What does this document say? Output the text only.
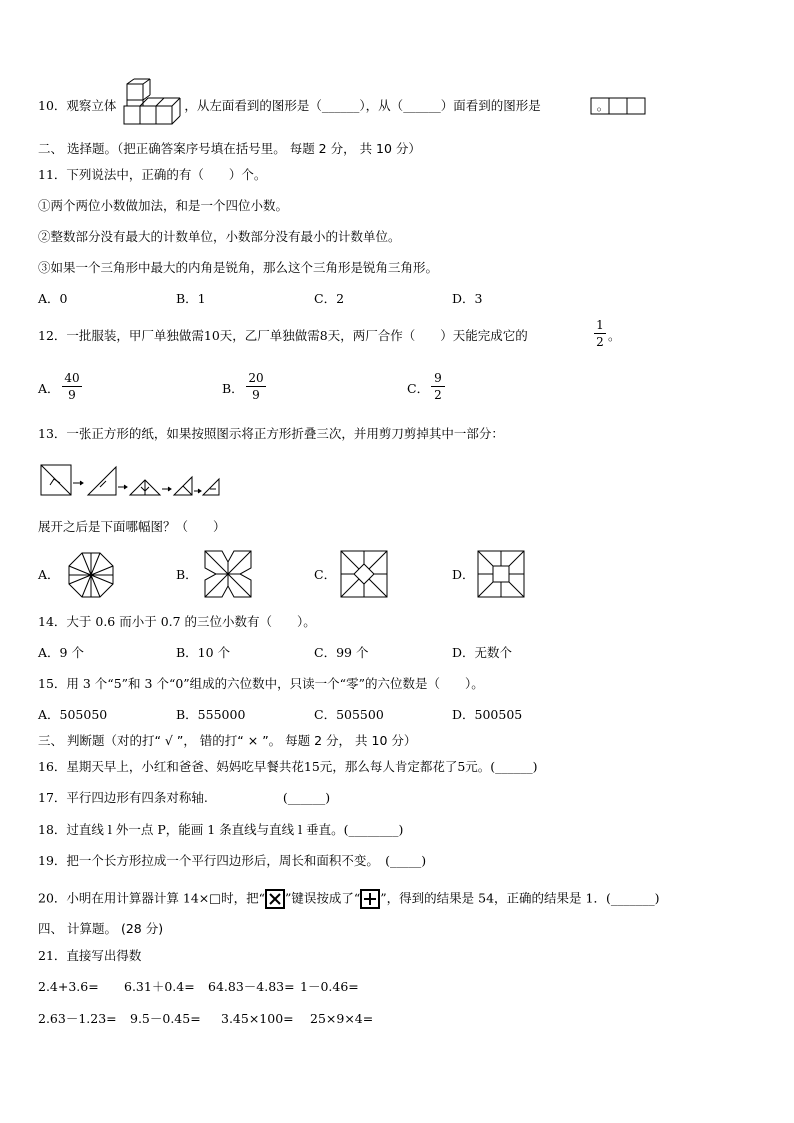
10．观察立体	，从左面看到的图形是（______），从（______）面看到的图形是	。
二、 选择题。（把正确答案序号填在括号里。 每题 2 分， 共 10 分）
11．下列说法中，正确的有（　　）个。
①两个两位小数做加法，和是一个四位小数。
②整数部分没有最大的计数单位，小数部分没有最小的计数单位。
③如果一个三角形中最大的内角是锐角，那么这个三角形是锐角三角形。
A．0	B．1	C．2	D．3
12．一批服装，甲厂单独做需10天，乙厂单独做需8天，两厂合作（　　）天能完成它的
1
2 。
A．
40
9	B．
20
9	C．
9
2
13．一张正方形的纸，如果按照图示将正方形折叠三次，并用剪刀剪掉其中一部分：
展开之后是下面哪幅图？（　　）
A．	B．	C．	D．
14．大于 0.6 而小于 0.7 的三位小数有（　　）。
A．9 个	B．10 个	C．99 个	D．无数个
15．用 3 个“5”和 3 个“0”组成的六位数中，只读一个“零”的六位数是（　　）。
A．505050	B．555000	C．505500	D．500505
三、 判断题（对的打“ √ ”， 错的打“ × ”。 每题 2 分， 共 10 分）
16．星期天早上，小红和爸爸、妈妈吃早餐共花15元，那么每人肯定都花了5元。(______)
17．平行四边形有四条对称轴.　　　　　　(______)
18．过直线 l 外一点 P，能画 1 条直线与直线 l 垂直。(________)
19．把一个长方形拉成一个平行四边形后，周长和面积不变。　(_____)
20．小明在用计算器计算 14×□时，把“ ”键误按成了“ ”，得到的结果是 54，正确的结果是 1．(_______)
四、 计算题。 (28 分)
21．直接写出得数
2.4+3.6= 6.31＋0.4= 64.83－4.83= 1－0.46=
2.63－1.23= 9.5－0.45= 3.45×100= 25×9×4=
